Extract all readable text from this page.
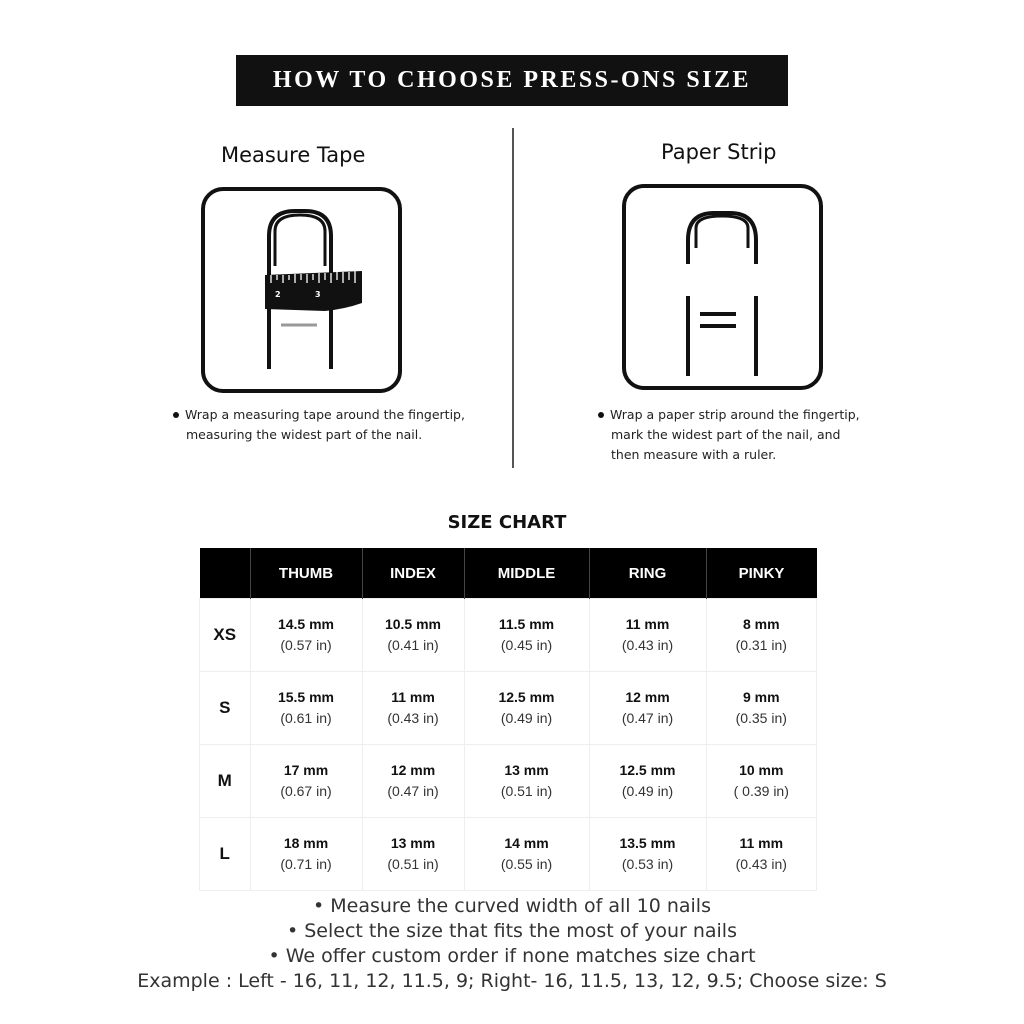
HOW TO CHOOSE PRESS-ONS SIZE
Measure Tape
2	3
Wrap a measuring tape around the fingertip,
measuring the widest part of the nail.
Paper Strip
Wrap a paper strip around the fingertip,
mark the widest part of the nail, and
then measure with a ruler.
SIZE CHART
	THUMB	INDEX	MIDDLE	RING	PINKY
XS	14.5 mm
(0.57 in)	10.5 mm
(0.41 in)	11.5 mm
(0.45 in)	11 mm
(0.43 in)	8 mm
(0.31 in)

S	15.5 mm
(0.61 in)	11 mm
(0.43 in)	12.5 mm
(0.49 in)	12 mm
(0.47 in)	9 mm
(0.35 in)

M	17 mm
(0.67 in)	12 mm
(0.47 in)	13 mm
(0.51 in)	12.5 mm
(0.49 in)	10 mm
( 0.39 in)

L	18 mm
(0.71 in)	13 mm
(0.51 in)	14 mm
(0.55 in)	13.5 mm
(0.53 in)	11 mm
(0.43 in)
• Measure the curved width of all 10 nails
• Select the size that fits the most of your nails
• We offer custom order if none matches size chart
Example : Left - 16, 11, 12, 11.5, 9; Right- 16, 11.5, 13, 12, 9.5; Choose size: S
